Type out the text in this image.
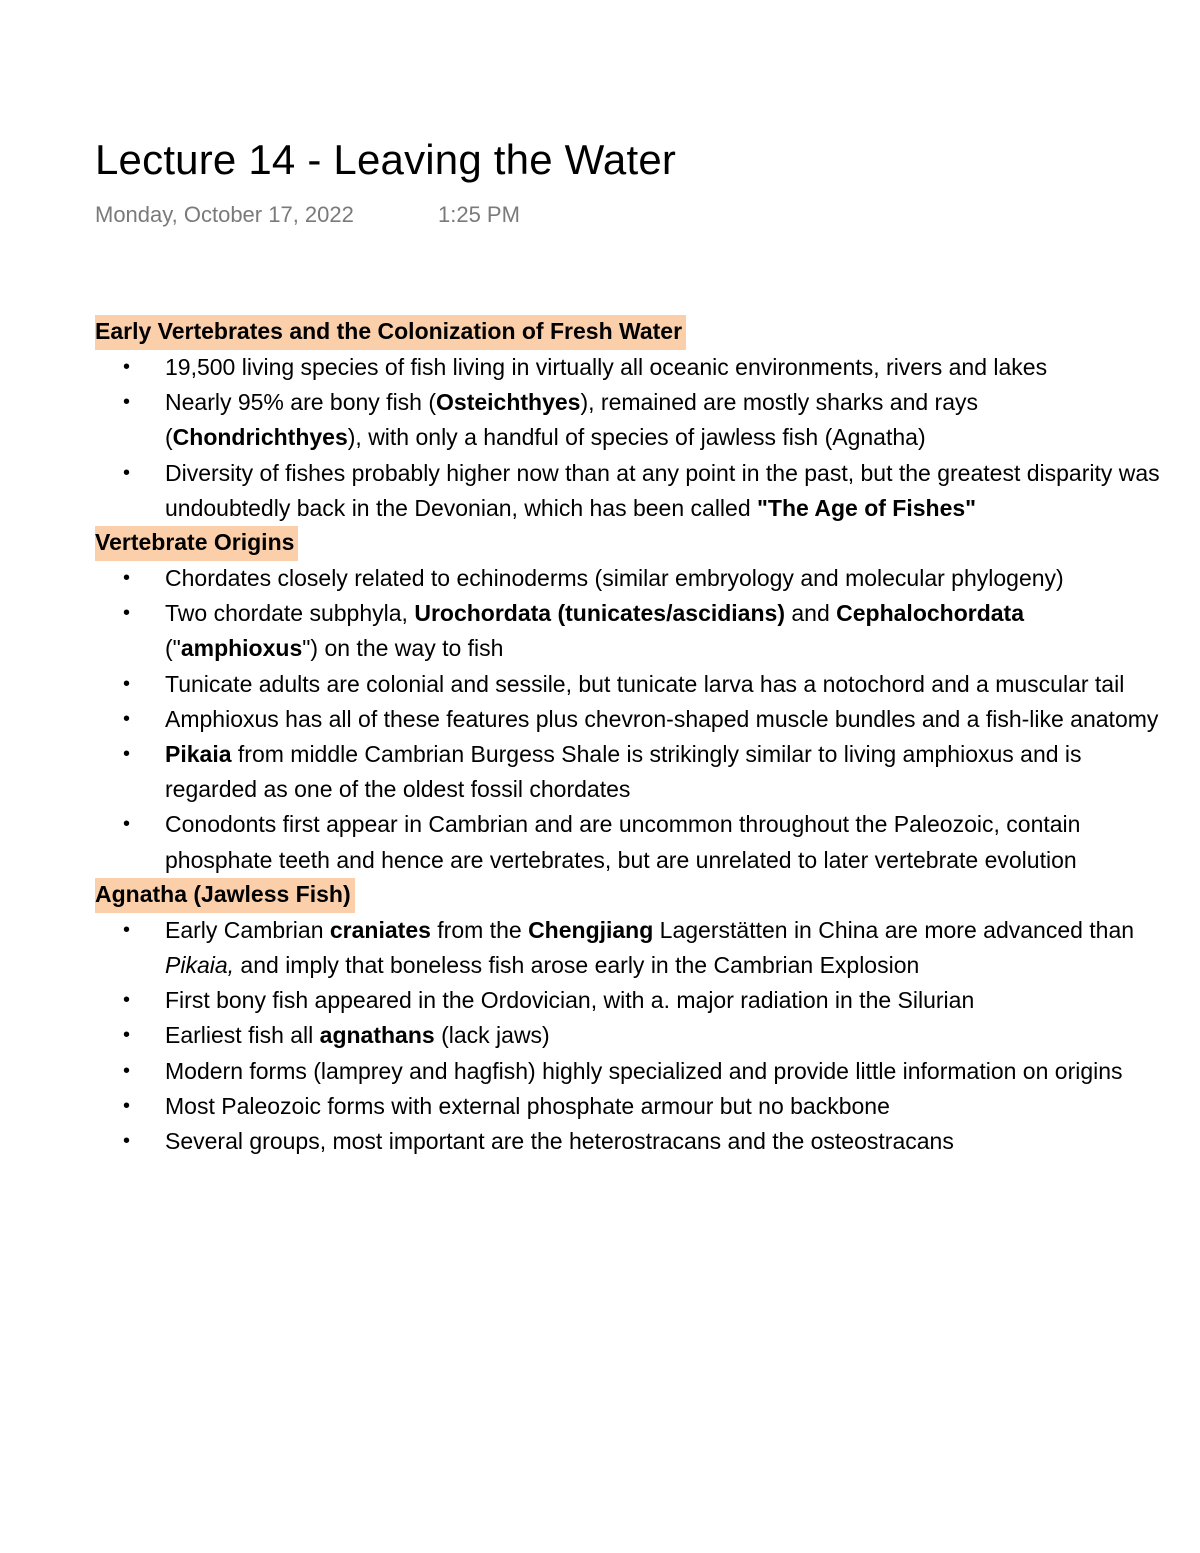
Lecture 14 - Leaving the Water
Monday, October 17, 2022	1:25 PM
Early Vertebrates and the Colonization of Fresh Water
• 19,500 living species of fish living in virtually all oceanic environments, rivers and lakes
• Nearly 95% are bony fish (Osteichthyes), remained are mostly sharks and rays (Chondrichthyes), with only a handful of species of jawless fish (Agnatha)
• Diversity of fishes probably higher now than at any point in the past, but the greatest disparity was undoubtedly back in the Devonian, which has been called "The Age of Fishes"
Vertebrate Origins
• Chordates closely related to echinoderms (similar embryology and molecular phylogeny)
• Two chordate subphyla, Urochordata (tunicates/ascidians) and Cephalochordata ("amphioxus") on the way to fish
• Tunicate adults are colonial and sessile, but tunicate larva has a notochord and a muscular tail
• Amphioxus has all of these features plus chevron-shaped muscle bundles and a fish-like anatomy
• Pikaia from middle Cambrian Burgess Shale is strikingly similar to living amphioxus and is regarded as one of the oldest fossil chordates
• Conodonts first appear in Cambrian and are uncommon throughout the Paleozoic, contain phosphate teeth and hence are vertebrates, but are unrelated to later vertebrate evolution
Agnatha (Jawless Fish)
• Early Cambrian craniates from the Chengjiang Lagerstätten in China are more advanced than Pikaia, and imply that boneless fish arose early in the Cambrian Explosion
• First bony fish appeared in the Ordovician, with a. major radiation in the Silurian
• Earliest fish all agnathans (lack jaws)
• Modern forms (lamprey and hagfish) highly specialized and provide little information on origins
• Most Paleozoic forms with external phosphate armour but no backbone
• Several groups, most important are the heterostracans and the osteostracans
